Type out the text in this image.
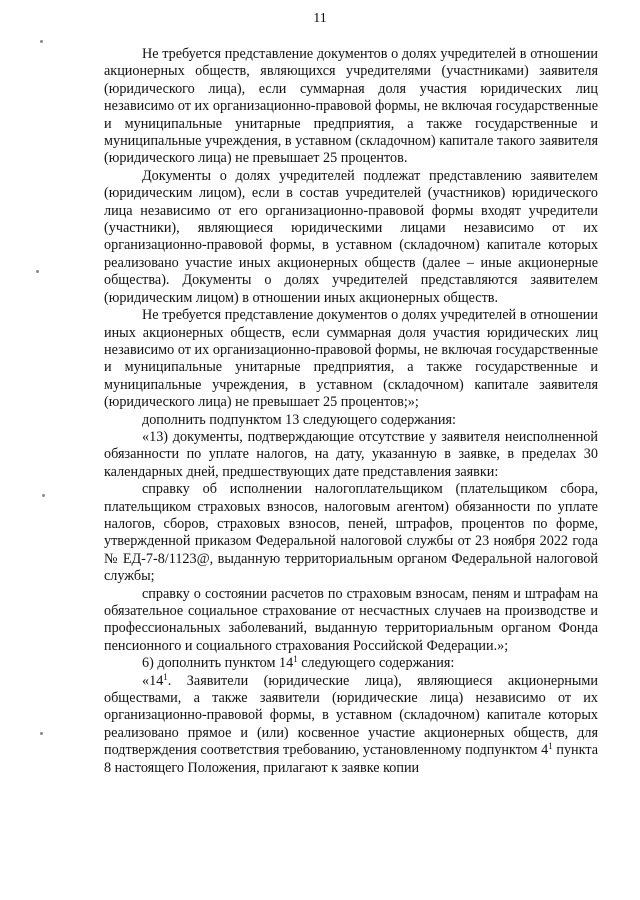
11

Не требуется представление документов о долях учредителей в отношении акционерных обществ, являющихся учредителями (участниками) заявителя (юридического лица), если суммарная доля участия юридических лиц независимо от их организационно-правовой формы, не включая государственные и муниципальные унитарные предприятия, а также государственные и муниципальные учреждения, в уставном (складочном) капитале такого заявителя (юридического лица) не превышает 25 процентов.

Документы о долях учредителей подлежат представлению заявителем (юридическим лицом), если в состав учредителей (участников) юридического лица независимо от его организационно-правовой формы входят учредители (участники), являющиеся юридическими лицами независимо от их организационно-правовой формы, в уставном (складочном) капитале которых реализовано участие иных акционерных обществ (далее – иные акционерные общества). Документы о долях учредителей представляются заявителем (юридическим лицом) в отношении иных акционерных обществ.

Не требуется представление документов о долях учредителей в отношении иных акционерных обществ, если суммарная доля участия юридических лиц независимо от их организационно-правовой формы, не включая государственные и муниципальные унитарные предприятия, а также государственные и муниципальные учреждения, в уставном (складочном) капитале заявителя (юридического лица) не превышает 25 процентов;»;

дополнить подпунктом 13 следующего содержания:

«13) документы, подтверждающие отсутствие у заявителя неисполненной обязанности по уплате налогов, на дату, указанную в заявке, в пределах 30 календарных дней, предшествующих дате представления заявки:

справку об исполнении налогоплательщиком (плательщиком сбора, плательщиком страховых взносов, налоговым агентом) обязанности по уплате налогов, сборов, страховых взносов, пеней, штрафов, процентов по форме, утвержденной приказом Федеральной налоговой службы от 23 ноября 2022 года № ЕД-7-8/1123@, выданную территориальным органом Федеральной налоговой службы;

справку о состоянии расчетов по страховым взносам, пеням и штрафам на обязательное социальное страхование от несчастных случаев на производстве и профессиональных заболеваний, выданную территориальным органом Фонда пенсионного и социального страхования Российской Федерации.»;

6) дополнить пунктом $14^1$ следующего содержания:

«$14^1$. Заявители (юридические лица), являющиеся акционерными обществами, а также заявители (юридические лица) независимо от их организационно-правовой формы, в уставном (складочном) капитале которых реализовано прямое и (или) косвенное участие акционерных обществ, для подтверждения соответствия требованию, установленному подпунктом $4^1$ пункта 8 настоящего Положения, прилагают к заявке копии
